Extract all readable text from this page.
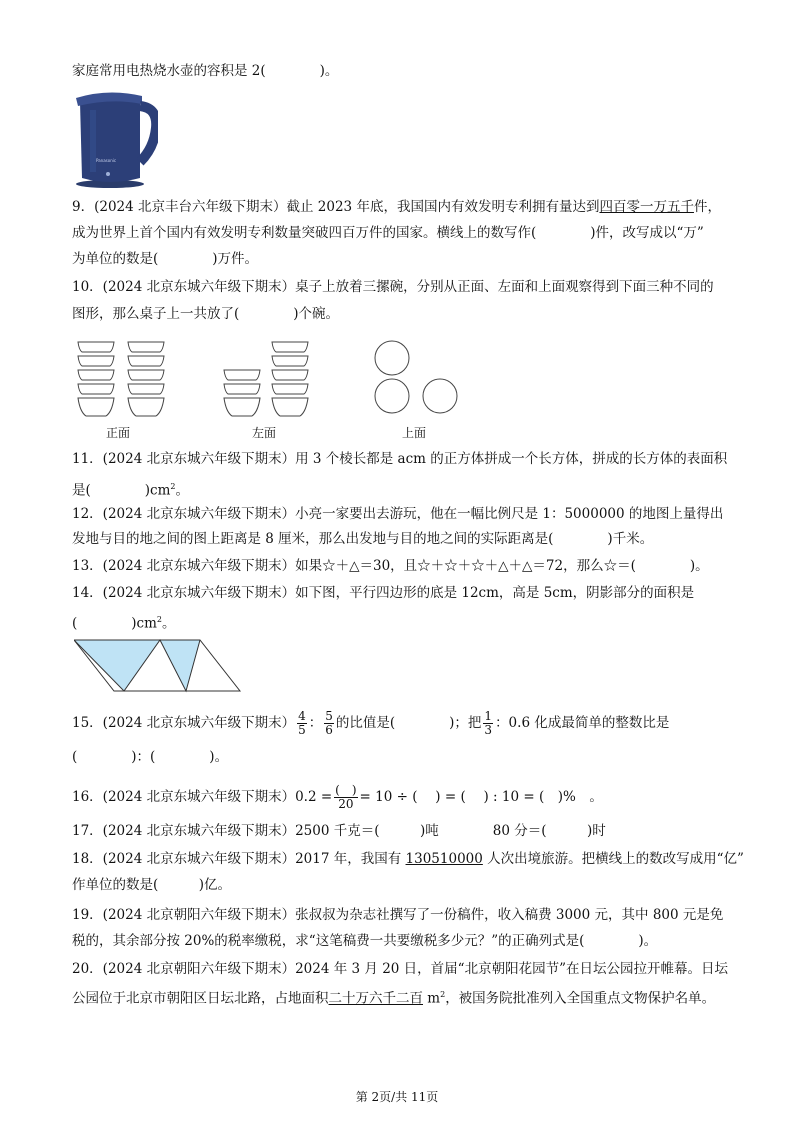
家庭常用电热烧水壶的容积是 2(　　　　)。
Panasonic
9．(2024 北京丰台六年级下期末）截止 2023 年底，我国国内有效发明专利拥有量达到四百零一万五千件，
成为世界上首个国内有效发明专利数量突破四百万件的国家。横线上的数写作(　　　　)件，改写成以“万”
为单位的数是(　　　　)万件。
10．(2024 北京东城六年级下期末）桌子上放着三摞碗，分别从正面、左面和上面观察得到下面三种不同的
图形，那么桌子上一共放了(　　　　)个碗。
正面	左面	上面
11．(2024 北京东城六年级下期末）用 3 个棱长都是 acm 的正方体拼成一个长方体，拼成的长方体的表面积
是(　　　　)$cm^2$。
12．(2024 北京东城六年级下期末）小亮一家要出去游玩，他在一幅比例尺是 1：5000000 的地图上量得出
发地与目的地之间的图上距离是 8 厘米，那么出发地与目的地之间的实际距离是(　　　　)千米。
13．(2024 北京东城六年级下期末）如果☆＋△＝30，且☆＋☆＋☆＋△＋△＝72，那么☆＝(　　　　)。
14．(2024 北京东城六年级下期末）如下图，平行四边形的底是 12cm，高是 5cm，阴影部分的面积是
(　　　　)$cm^2$。
15．(2024 北京东城六年级下期末） $\frac{4}{5}$ ： $\frac{5}{6}$ 的比值是(　　　　)；把 $\frac{1}{3}$ ：0.6 化成最简单的整数比是
(　　　　)：(　　　　)。
16．(2024 北京东城六年级下期末）$0.2 = \frac{( )}{20} = 10$ ÷ (　 ) = (　 ) : 10 = (　)%　。
17．(2024 北京东城六年级下期末）2500 千克＝(　　　)吨　　　　80 分＝(　　　)时
18．(2024 北京东城六年级下期末）2017 年，我国有 130510000 人次出境旅游。把横线上的数改写成用“亿”
作单位的数是(　　　)亿。
19．(2024 北京朝阳六年级下期末）张叔叔为杂志社撰写了一份稿件，收入稿费 3000 元，其中 800 元是免
税的，其余部分按 20%的税率缴税，求“这笔稿费一共要缴税多少元？”的正确列式是(　　　　)。
20．(2024 北京朝阳六年级下期末）2024 年 3 月 20 日，首届“北京朝阳花园节”在日坛公园拉开帷幕。日坛
公园位于北京市朝阳区日坛北路，占地面积二十万六千二百 $m^2$，被国务院批准列入全国重点文物保护名单。
第 2页/共 11页
